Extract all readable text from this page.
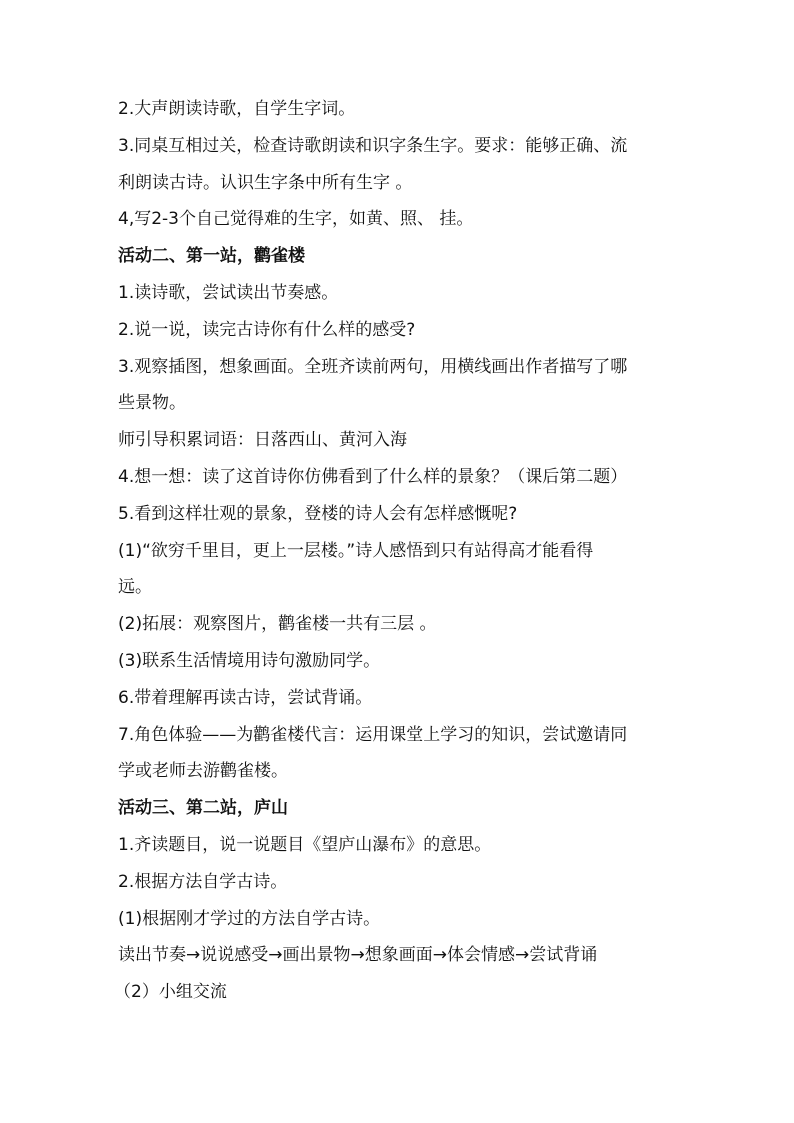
2.大声朗读诗歌，自学生字词。
3.同桌互相过关，检查诗歌朗读和识字条生字。要求：能够正确、流
利朗读古诗。认识生字条中所有生字 。
4,写2-3个自己觉得难的生字，如黄、照、 挂。
活动二、第一站，鹳雀楼
1.读诗歌，尝试读出节奏感。
2.说一说，读完古诗你有什么样的感受?
3.观察插图，想象画面。全班齐读前两句，用横线画出作者描写了哪
些景物。
师引导积累词语：日落西山、黄河入海
4.想一想：读了这首诗你仿佛看到了什么样的景象？（课后第二题）
5.看到这样壮观的景象，登楼的诗人会有怎样感慨呢?
(1)“欲穷千里目，更上一层楼。”诗人感悟到只有站得高才能看得
远。
(2)拓展：观察图片，鹳雀楼一共有三层 。
(3)联系生活情境用诗句激励同学。
6.带着理解再读古诗，尝试背诵。
7.角色体验——为鹳雀楼代言：运用课堂上学习的知识，尝试邀请同
学或老师去游鹳雀楼。
活动三、第二站，庐山
1.齐读题目，说一说题目《望庐山瀑布》的意思。
2.根据方法自学古诗。
(1)根据刚才学过的方法自学古诗。
读出节奏→说说感受→画出景物→想象画面→体会情感→尝试背诵
（2）小组交流
